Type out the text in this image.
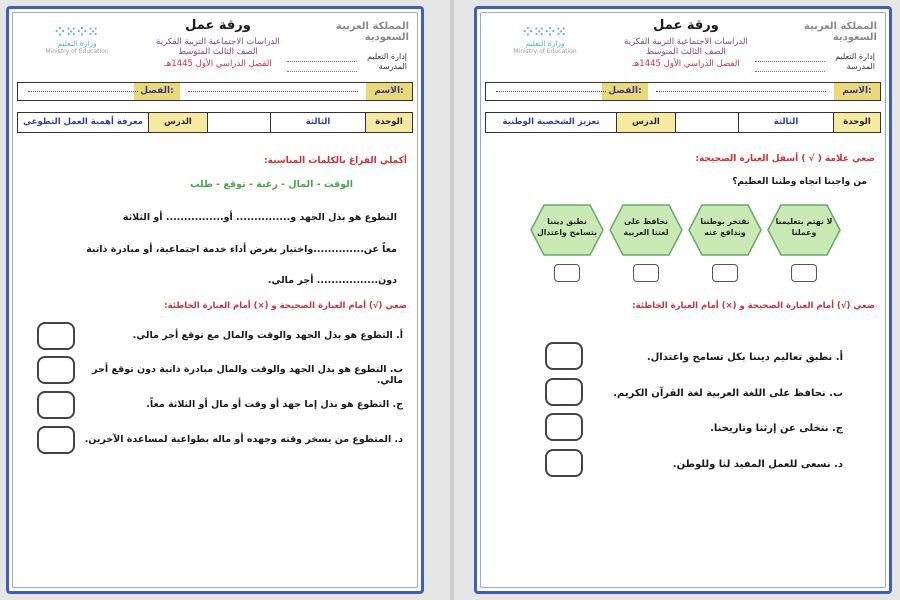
⁘⁙⁘⁙
وزارة التعليم
Ministry of Education
ورقة عمل
الدراسات الاجتماعية التربية الفكرية
الصف الثالث المتوسط
الفصل الدراسي الأول 1445هـ
المملكة العربية السعودية
إدارة التعليم
المدرسة
الاسم:
الفصل:
الوحدة
الثالثة
الدرس
معرفة أهمية العمل التطوعي
أكملي الفراغ بالكلمات المناسبة:
الوقت - المال - رغبة - توقع - طلب
التطوع هو بذل الجهد و............... أو................ أو الثلاثة
معاً عن..............واختيار بغرض أداء خدمة اجتماعية، أو مبادرة ذاتية
دون................. أجر مالي.
ضعي (√) أمام العبارة الصحيحة و (×) أمام العبارة الخاطئة:
أ. التطوع هو بذل الجهد والوقت والمال مع توقع أجر مالي.
ب. التطوع هو بذل الجهد والوقت والمال مبادرة ذاتية دون توقع أجر مالي.
ج. التطوع هو بذل إما جهد أو وقت أو مال أو الثلاثة معاً.
د. المتطوع من يسخر وقته وجهده أو ماله بطواعية لمساعدة الآخرين.
⁘⁙⁘⁙
وزارة التعليم
Ministry of Education
ورقة عمل
الدراسات الاجتماعية التربية الفكرية
الصف الثالث المتوسط
الفصل الدراسي الأول 1445هـ
المملكة العربية السعودية
إدارة التعليم
المدرسة
الاسم:
الفصل:
الوحدة
الثالثة
الدرس
تعزيز الشخصية الوطنية
ضعي علامة ( √ ) أسفل العبارة الصحيحة:
من واجبنا اتجاه وطننا العظيم؟
لا نهتم بتعليمنا وعملنا
نفتخر بوطننا وندافع عنه
نحافظ على لغتنا العربية
نطبق ديننا بتسامح واعتدال
ضعي (√) أمام العبارة الصحيحة و (×) أمام العبارة الخاطئة:
أ. نطبق تعاليم ديننا بكل تسامح واعتدال.
ب. نحافظ على اللغة العربية لغة القرآن الكريم.
ج. نتخلى عن إرثنا وتاريخنا.
د. نسعى للعمل المفيد لنا وللوطن.
